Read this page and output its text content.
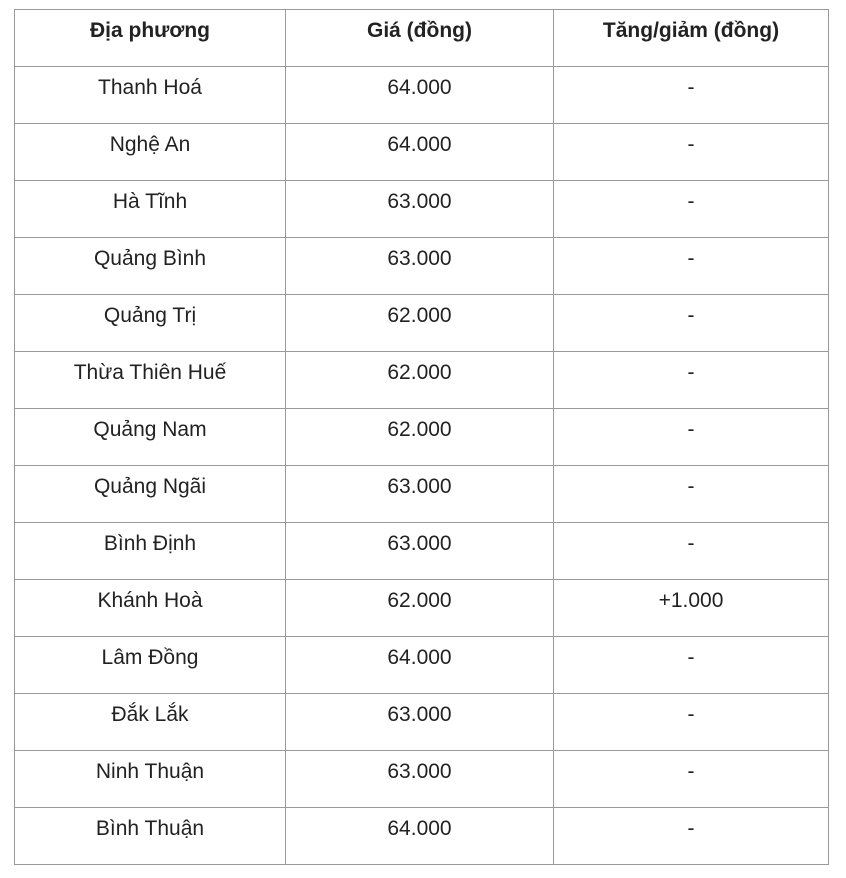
Địa phương	Giá (đồng)	Tăng/giảm (đồng)
Thanh Hoá	64.000	-
Nghệ An	64.000	-
Hà Tĩnh	63.000	-
Quảng Bình	63.000	-
Quảng Trị	62.000	-
Thừa Thiên Huế	62.000	-
Quảng Nam	62.000	-
Quảng Ngãi	63.000	-
Bình Định	63.000	-
Khánh Hoà	62.000	+1.000
Lâm Đồng	64.000	-
Đắk Lắk	63.000	-
Ninh Thuận	63.000	-
Bình Thuận	64.000	-
